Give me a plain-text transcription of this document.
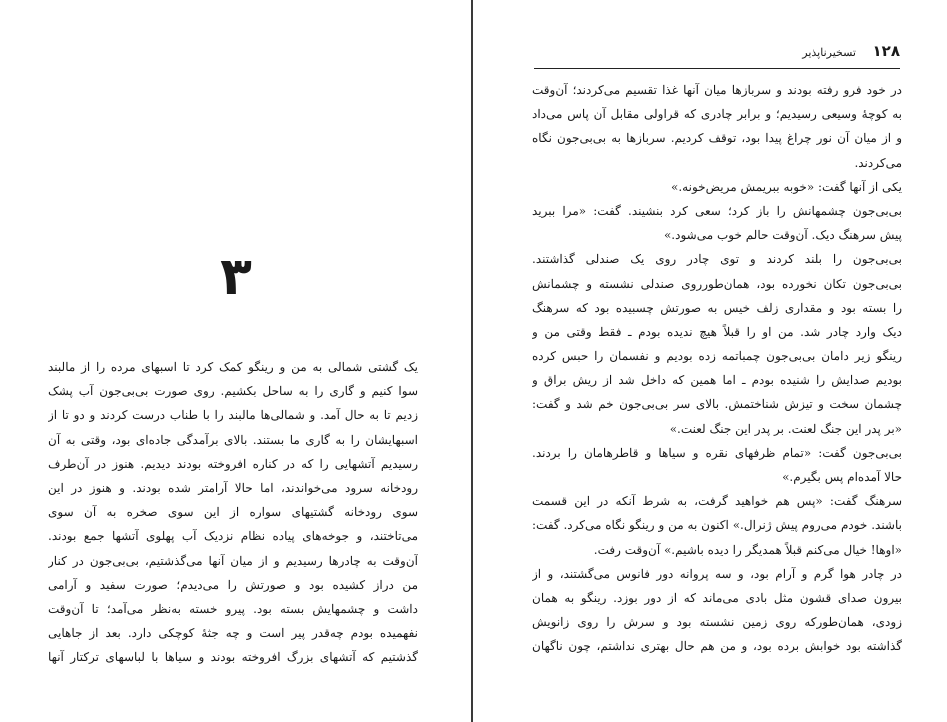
۳
یک گشتی شمالی به من و رینگو کمک کرد تا اسبهای مرده را از مالبند
سوا کنیم و گاری را به ساحل بکشیم. روی صورت بی‌بی‌جون آب پشک
زدیم تا به حال آمد. و شمالی‌ها مالبند را با طناب درست کردند و دو تا از
اسبهایشان را به گاری ما بستند. بالای برآمدگی جاده‌ای بود، وقتی به آن
رسیدیم آتشهایی را که در کناره افروخته بودند دیدیم. هنوز در آن‌طرف
رودخانه سرود می‌خواندند، اما حالا آرامتر شده بودند. و هنوز در این
سوی رودخانه گشتیهای سواره از این سوی صخره به آن سوی
می‌تاختند، و جوخه‌های پیاده نظام نزدیک آب پهلوی آتشها جمع بودند.
آن‌وقت به چادرها رسیدیم و از میان آنها می‌گذشتیم، بی‌بی‌جون در کنار
من دراز کشیده بود و صورتش را می‌دیدم؛ صورت سفید و آرامی
داشت و چشمهایش بسته بود. پیرو خسته به‌نظر می‌آمد؛ تا آن‌وقت
نفهمیده بودم چه‌قدر پیر است و چه جثهٔ کوچکی دارد. بعد از جاهایی
گذشتیم که آتشهای بزرگ افروخته بودند و سیاها با لباسهای ترکتار آنها
۱۲۸
تسخیرناپذیر
در خود فرو رفته بودند و سربازها میان آنها غذا تقسیم می‌کردند؛ آن‌وقت
به کوچهٔ وسیعی رسیدیم؛ و برابر چادری که قراولی مقابل آن پاس می‌داد
و از میان آن نور چراغ پیدا بود، توقف کردیم. سربازها به بی‌بی‌جون نگاه
می‌کردند.
یکی از آنها گفت: «خوبه ببریمش مریض‌خونه.»
بی‌بی‌جون چشمهانش را باز کرد؛ سعی کرد بنشیند. گفت: «مرا ببرید
پیش سرهنگ دیک. آن‌وقت حالم خوب می‌شود.»
بی‌بی‌جون را بلند کردند و توی چادر روی یک صندلی گذاشتند.
بی‌بی‌جون تکان نخورده بود، همان‌طورروی صندلی نشسته و چشمانش
را بسته بود و مقداری زلف خیس به صورتش چسبیده بود که سرهنگ
دیک وارد چادر شد. من او را قبلاً هیچ ندیده بودم ـ فقط وقتی من و
رینگو زیر دامان بی‌بی‌جون چمباتمه زده بودیم و نفسمان را حبس کرده
بودیم صدایش را شنیده بودم ـ اما همین که داخل شد از ریش براق و
چشمان سخت و تیزش شناختمش. بالای سر بی‌بی‌جون خم شد و گفت:
«بر پدر این جنگ لعنت. بر پدر این جنگ لعنت.»
بی‌بی‌جون گفت: «تمام ظرفهای نقره و سیاها و قاطرهامان را بردند.
حالا آمده‌ام پس بگیرم.»
سرهنگ گفت: «پس هم خواهید گرفت، به شرط آنکه در این قسمت
باشند. خودم می‌روم پیش ژنرال.» اکنون به من و رینگو نگاه می‌کرد. گفت:
«اوها! خیال می‌کنم قبلاً همدیگر را دیده باشیم.» آن‌وقت رفت.
در چادر هوا گرم و آرام بود، و سه پروانه دور فانوس می‌گشتند، و از
بیرون صدای قشون مثل بادی می‌ماند که از دور بوزد. رینگو به همان
زودی، همان‌طورکه روی زمین نشسته بود و سرش را روی زانویش
گذاشته بود خوابش برده بود، و من هم حال بهتری نداشتم، چون ناگهان
